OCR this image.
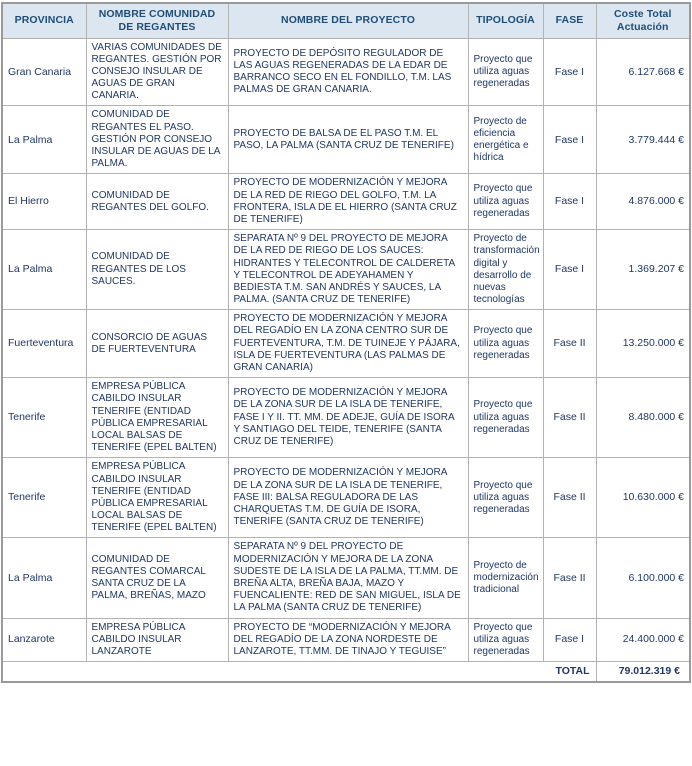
PROVINCIA	NOMBRE COMUNIDAD DE REGANTES	NOMBRE DEL PROYECTO	TIPOLOGÍA	FASE	Coste Total Actuación
Gran Canaria	VARIAS COMUNIDADES DE REGANTES. GESTIÓN POR CONSEJO INSULAR DE AGUAS DE GRAN CANARIA.	PROYECTO DE DEPÓSITO REGULADOR DE LAS AGUAS REGENERADAS DE LA EDAR DE BARRANCO SECO EN EL FONDILLO, T.M. LAS PALMAS DE GRAN CANARIA.	Proyecto que utiliza aguas regeneradas	Fase I	6.127.668 €
La Palma	COMUNIDAD DE REGANTES EL PASO. GESTIÓN POR CONSEJO INSULAR DE AGUAS DE LA PALMA.	PROYECTO DE BALSA DE EL PASO T.M. EL PASO, LA PALMA (SANTA CRUZ DE TENERIFE)	Proyecto de eficiencia energética e hídrica	Fase I	3.779.444 €
El Hierro	COMUNIDAD DE REGANTES DEL GOLFO.	PROYECTO DE MODERNIZACIÓN Y MEJORA DE LA RED DE RIEGO DEL GOLFO, T.M. LA FRONTERA, ISLA DE EL HIERRO (SANTA CRUZ DE TENERIFE)	Proyecto que utiliza aguas regeneradas	Fase I	4.876.000 €
La Palma	COMUNIDAD DE REGANTES DE LOS SAUCES.	SEPARATA Nº 9 DEL PROYECTO DE MEJORA DE LA RED DE RIEGO DE LOS SAUCES: HIDRANTES Y TELECONTROL DE CALDERETA Y TELECONTROL DE ADEYAHAMEN Y BEDIESTA T.M. SAN ANDRÉS Y SAUCES, LA PALMA. (SANTA CRUZ DE TENERIFE)	Proyecto de transformación digital y desarrollo de nuevas tecnologías	Fase I	1.369.207 €
Fuerteventura	CONSORCIO DE AGUAS DE FUERTEVENTURA	PROYECTO DE MODERNIZACIÓN Y MEJORA DEL REGADÍO EN LA ZONA CENTRO SUR DE FUERTEVENTURA, T.M. DE TUINEJE Y PÁJARA, ISLA DE FUERTEVENTURA (LAS PALMAS DE GRAN CANARIA)	Proyecto que utiliza aguas regeneradas	Fase II	13.250.000 €
Tenerife	EMPRESA PÚBLICA CABILDO INSULAR TENERIFE (ENTIDAD PÚBLICA EMPRESARIAL LOCAL BALSAS DE TENERIFE (EPEL BALTEN)	PROYECTO DE MODERNIZACIÓN Y MEJORA DE LA ZONA SUR DE LA ISLA DE TENERIFE, FASE I Y II. TT. MM. DE ADEJE, GUÍA DE ISORA Y SANTIAGO DEL TEIDE, TENERIFE (SANTA CRUZ DE TENERIFE)	Proyecto que utiliza aguas regeneradas	Fase II	8.480.000 €
Tenerife	EMPRESA PÚBLICA CABILDO INSULAR TENERIFE (ENTIDAD PÚBLICA EMPRESARIAL LOCAL BALSAS DE TENERIFE (EPEL BALTEN)	PROYECTO DE MODERNIZACIÓN Y MEJORA DE LA ZONA SUR DE LA ISLA DE TENERIFE, FASE III: BALSA REGULADORA DE LAS CHARQUETAS T.M. DE GUÍA DE ISORA, TENERIFE (SANTA CRUZ DE TENERIFE)	Proyecto que utiliza aguas regeneradas	Fase II	10.630.000 €
La Palma	COMUNIDAD DE REGANTES COMARCAL SANTA CRUZ DE LA PALMA, BREÑAS, MAZO	SEPARATA Nº 9 DEL PROYECTO DE MODERNIZACIÓN Y MEJORA DE LA ZONA SUDESTE DE LA ISLA DE LA PALMA, TT.MM. DE BREÑA ALTA, BREÑA BAJA, MAZO Y FUENCALIENTE: RED DE SAN MIGUEL, ISLA DE LA PALMA (SANTA CRUZ DE TENERIFE)	Proyecto de modernización tradicional	Fase II	6.100.000 €
Lanzarote	EMPRESA PÚBLICA CABILDO INSULAR LANZAROTE	PROYECTO DE “MODERNIZACIÓN Y MEJORA DEL REGADÍO DE LA ZONA NORDESTE DE LANZAROTE, TT.MM. DE TINAJO Y TEGUISE”	Proyecto que utiliza aguas regeneradas	Fase I	24.400.000 €
TOTAL					79.012.319 €
